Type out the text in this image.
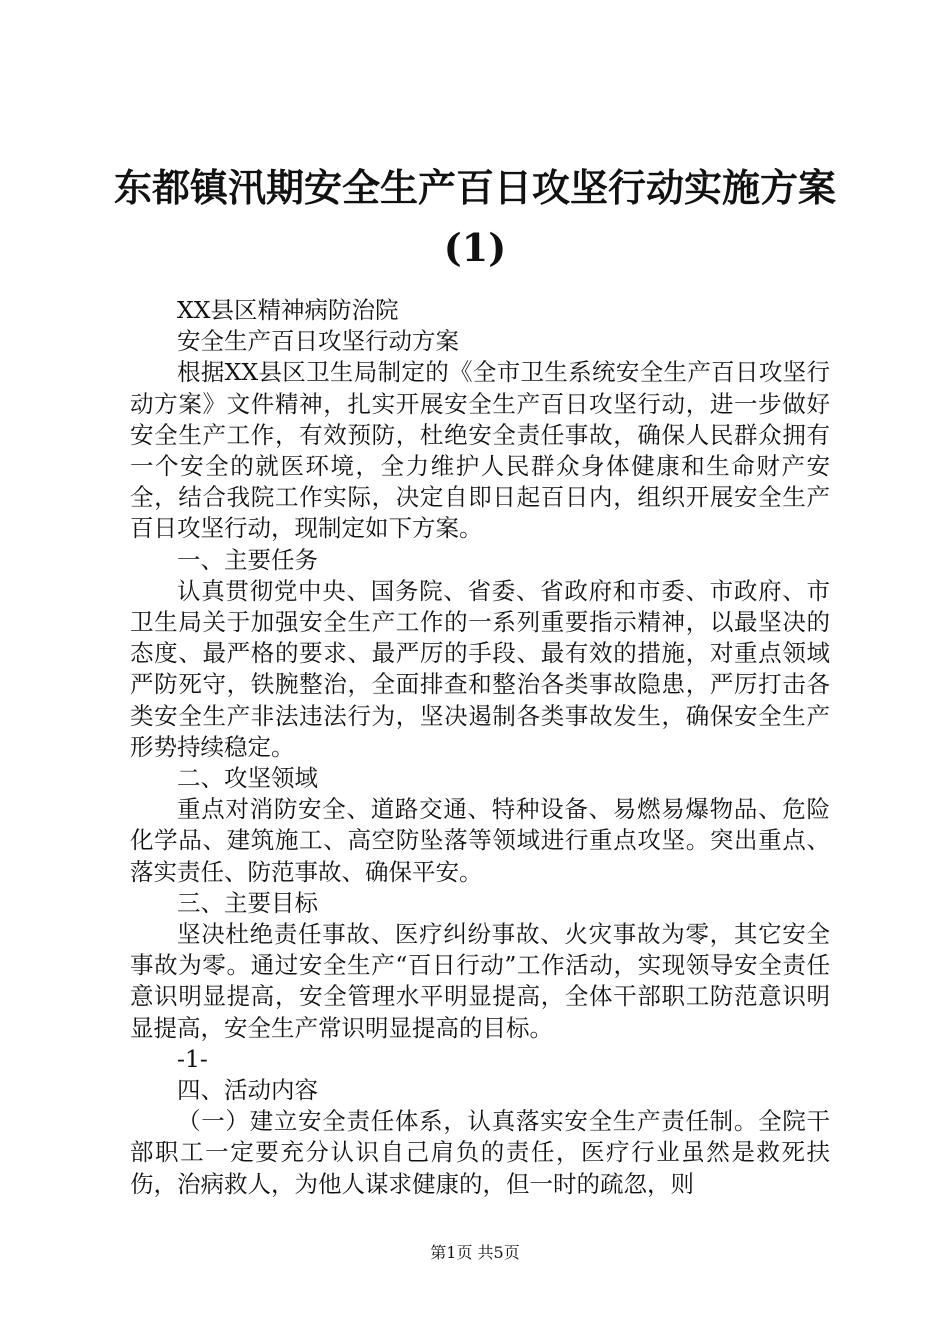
东都镇汛期安全生产百日攻坚行动实施方案
(1)

XX县区精神病防治院

安全生产百日攻坚行动方案

根据XX县区卫生局制定的《全市卫生系统安全生产百日攻坚行动方案》文件精神，扎实开展安全生产百日攻坚行动，进一步做好安全生产工作，有效预防，杜绝安全责任事故，确保人民群众拥有一个安全的就医环境，全力维护人民群众身体健康和生命财产安全，结合我院工作实际，决定自即日起百日内，组织开展安全生产百日攻坚行动，现制定如下方案。

一、主要任务

认真贯彻党中央、国务院、省委、省政府和市委、市政府、市卫生局关于加强安全生产工作的一系列重要指示精神，以最坚决的态度、最严格的要求、最严厉的手段、最有效的措施，对重点领域严防死守，铁腕整治，全面排查和整治各类事故隐患，严厉打击各类安全生产非法违法行为，坚决遏制各类事故发生，确保安全生产形势持续稳定。

二、攻坚领域

重点对消防安全、道路交通、特种设备、易燃易爆物品、危险化学品、建筑施工、高空防坠落等领域进行重点攻坚。突出重点、落实责任、防范事故、确保平安。

三、主要目标

坚决杜绝责任事故、医疗纠纷事故、火灾事故为零，其它安全事故为零。通过安全生产“百日行动”工作活动，实现领导安全责任意识明显提高，安全管理水平明显提高，全体干部职工防范意识明显提高，安全生产常识明显提高的目标。

-1-

四、活动内容

（一）建立安全责任体系，认真落实安全生产责任制。全院干部职工一定要充分认识自己肩负的责任，医疗行业虽然是救死扶伤，治病救人，为他人谋求健康的，但一时的疏忽，则

第1页 共5页
